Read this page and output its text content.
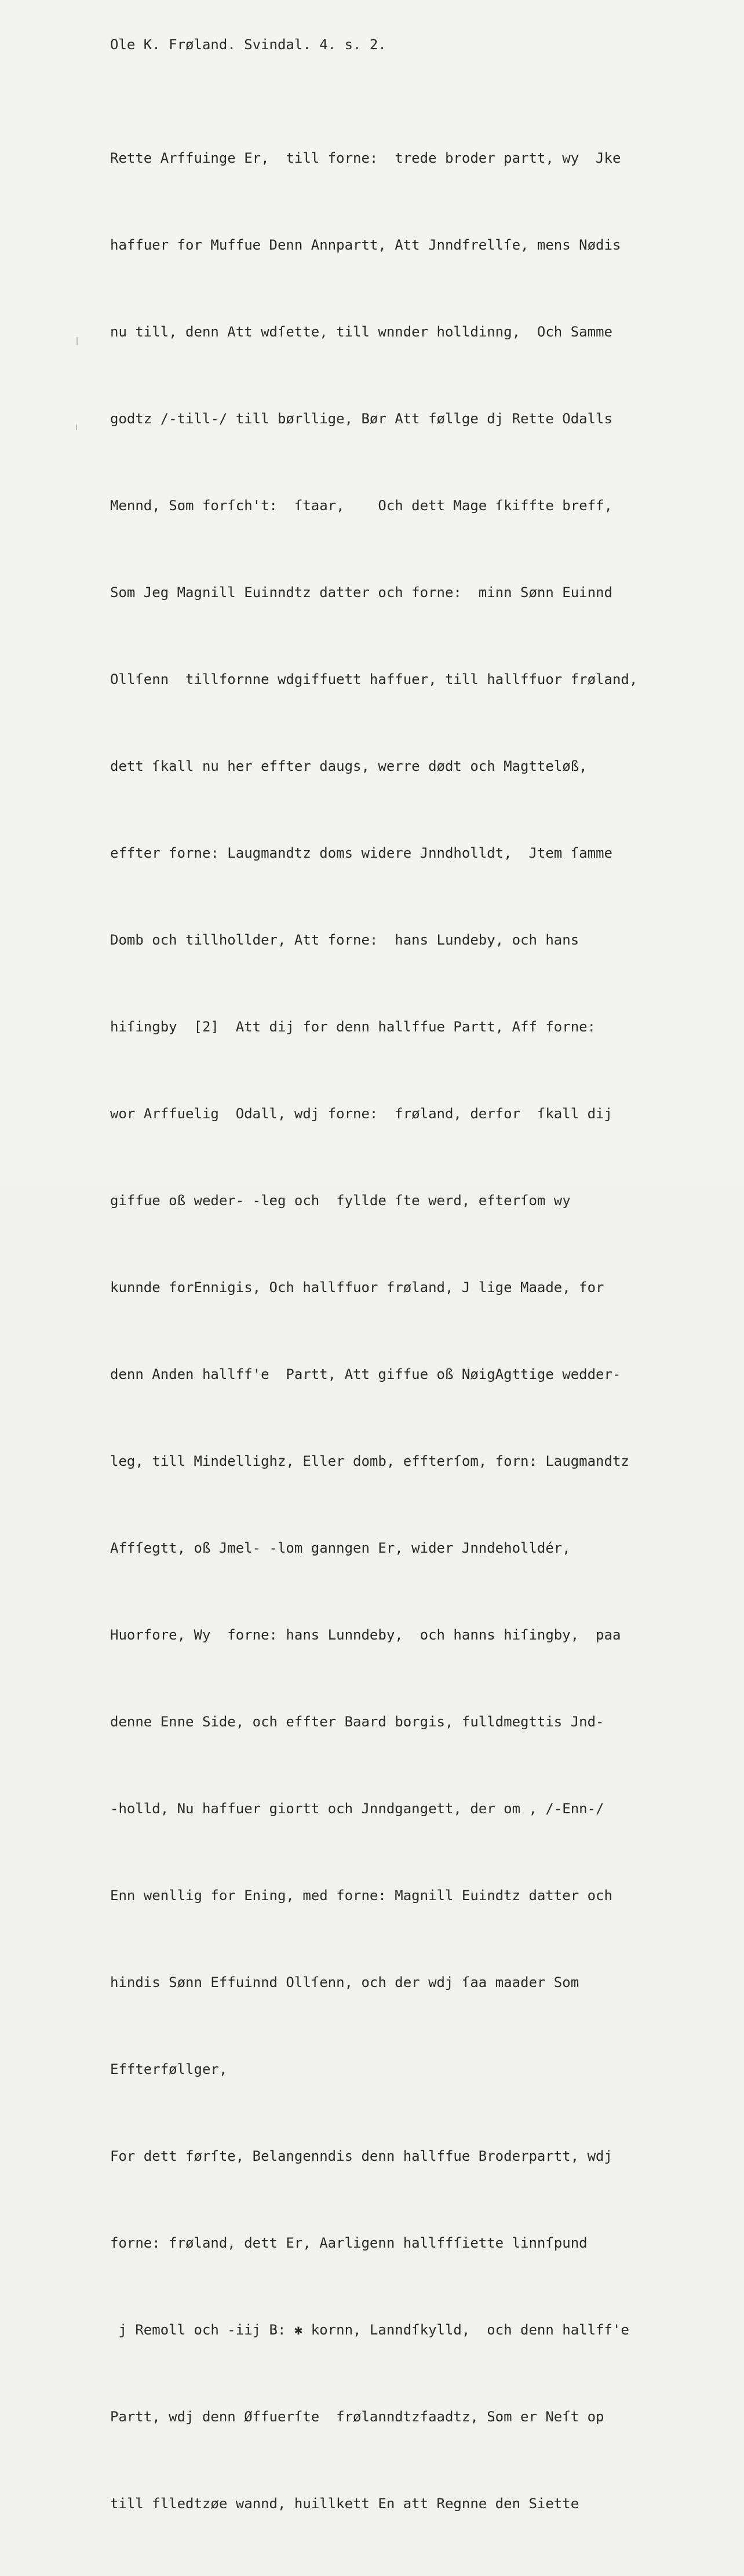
Ole K. Frøland. Svindal. 4. s. 2.

Rette Arffuinge Er,  till forne:  trede broder partt, wy  Jke

haffuer for Muffue Denn Annpartt, Att Jnndfrellſe, mens Nødis

nu till, denn Att wdſette, till wnnder holldinng,  Och Samme

godtz /-till-/ till børllige, Bør Att føllge dj Rette Odalls

Mennd, Som forſch't:  ſtaar,    Och dett Mage ſkiffte breff,

Som Jeg Magnill Euinndtz datter och forne:  minn Sønn Euinnd

Ollſenn  tillfornne wdgiffuett haffuer, till hallffuor frøland,

dett ſkall nu her effter daugs, werre dødt och Magtteløß,

effter forne: Laugmandtz doms widere Jnndholldt,  Jtem ſamme

Domb och tillhollder, Att forne:  hans Lundeby, och hans

hiſingby  [2]  Att dij for denn hallffue Partt, Aff forne:

wor Arffuelig  Odall, wdj forne:  frøland, derfor  ſkall dij

giffue oß weder- -leg och  fyllde ſte werd, efterſom wy

kunnde forEnnigis, Och hallffuor frøland, J lige Maade, for

denn Anden hallff'e  Partt, Att giffue oß NøigAgttige wedder-

leg, till Mindellighz, Eller domb, effterſom, forn: Laugmandtz

Affſegtt, oß Jmel- -lom ganngen Er, wider Jnndeholldér,

Huorfore, Wy  forne: hans Lunndeby,  och hanns hiſingby,  paa

denne Enne Side, och effter Baard borgis, fulldmegttis Jnd-

-holld, Nu haffuer giortt och Jnndgangett, der om , /-Enn-/

Enn wenllig for Ening, med forne: Magnill Euindtz datter och

hindis Sønn Effuinnd Ollſenn, och der wdj ſaa maader Som

Effterføllger,

For dett førſte, Belangenndis denn hallffue Broderpartt, wdj

forne: frøland, dett Er, Aarligenn hallffſiette linnſpund

j Remoll och -iij B: ✱ kornn, Lanndſkylld,  och denn hallff'e

Partt, wdj denn Øffuerſte  frølanndtzfaadtz, Som er Neſt op

till flledtzøe wannd, huillkett En att Regnne den Siette
